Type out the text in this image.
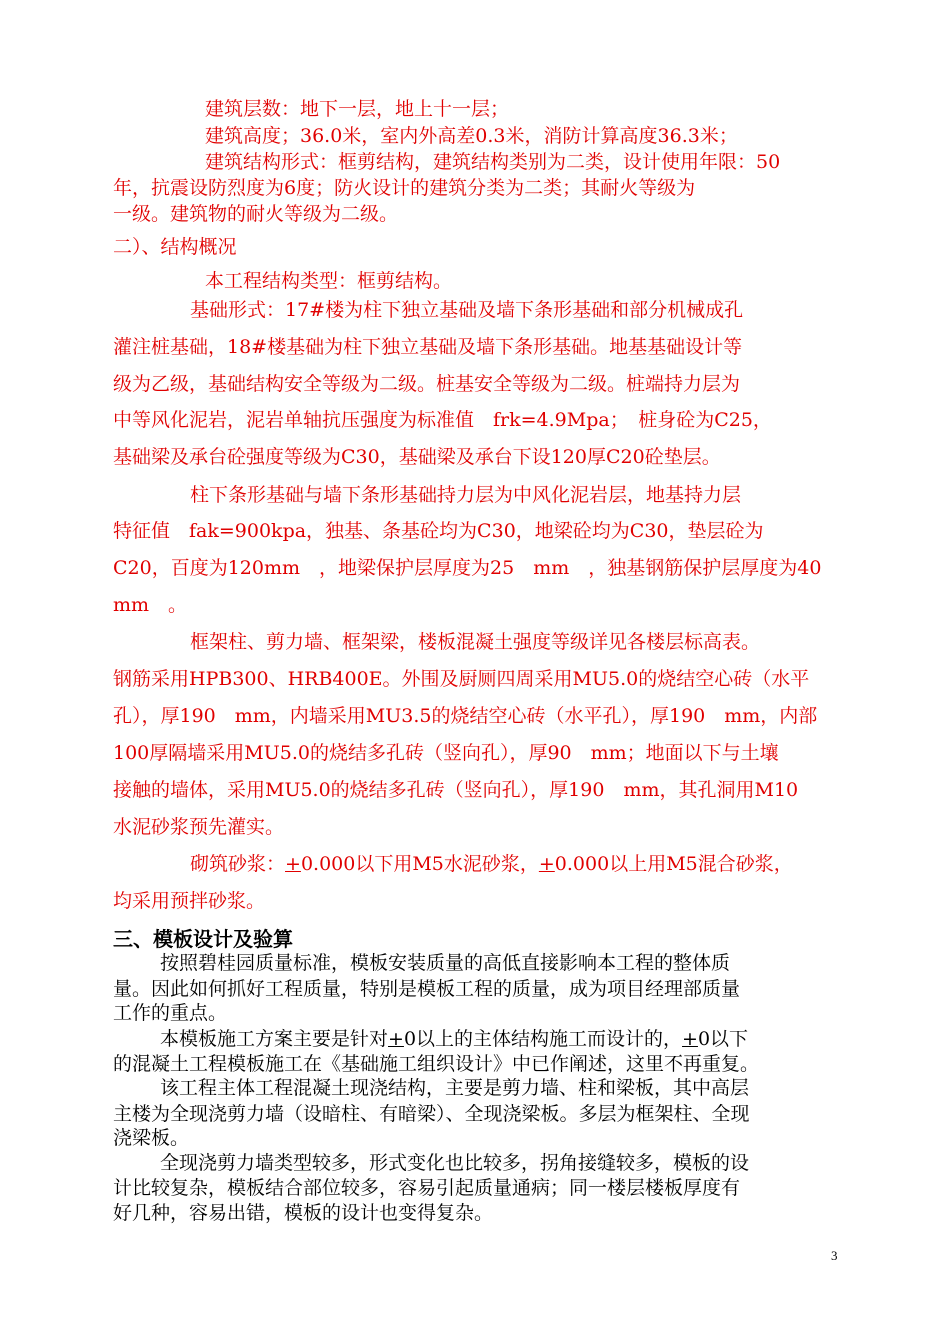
建筑层数：地下一层，地上十一层；
建筑高度；36.0米，室内外高差0.3米，消防计算高度36.3米；
建筑结构形式：框剪结构，建筑结构类别为二类，设计使用年限：50
年，抗震设防烈度为6度；防火设计的建筑分类为二类；其耐火等级为
一级。建筑物的耐火等级为二级。
二）、结构概况
本工程结构类型：框剪结构。
基础形式：17#楼为柱下独立基础及墙下条形基础和部分机械成孔
灌注桩基础，18#楼基础为柱下独立基础及墙下条形基础。地基基础设计等
级为乙级，基础结构安全等级为二级。桩基安全等级为二级。桩端持力层为
中等风化泥岩，泥岩单轴抗压强度为标准值　frk=4.9Mpa；　桩身砼为C25，
基础梁及承台砼强度等级为C30，基础梁及承台下设120厚C20砼垫层。
柱下条形基础与墙下条形基础持力层为中风化泥岩层，地基持力层
特征值　fak=900kpa，独基、条基砼均为C30，地梁砼均为C30，垫层砼为
C20，百度为120mm　，地梁保护层厚度为25　mm　，独基钢筋保护层厚度为40
mm　。
框架柱、剪力墙、框架梁，楼板混凝土强度等级详见各楼层标高表。
钢筋采用HPB300、HRB400E。外围及厨厕四周采用MU5.0的烧结空心砖（水平
孔），厚190　mm，内墙采用MU3.5的烧结空心砖（水平孔），厚190　mm，内部
100厚隔墙采用MU5.0的烧结多孔砖（竖向孔），厚90　mm；地面以下与土壤
接触的墙体，采用MU5.0的烧结多孔砖（竖向孔），厚190　mm，其孔洞用M10
水泥砂浆预先灌实。
砌筑砂浆：+0.000以下用M5水泥砂浆，+0.000以上用M5混合砂浆，
均采用预拌砂浆。
三、模板设计及验算
按照碧桂园质量标准，模板安装质量的高低直接影响本工程的整体质
量。因此如何抓好工程质量，特别是模板工程的质量，成为项目经理部质量
工作的重点。
本模板施工方案主要是针对+0以上的主体结构施工而设计的，+0以下
的混凝土工程模板施工在《基础施工组织设计》中已作阐述，这里不再重复。
该工程主体工程混凝土现浇结构，主要是剪力墙、柱和梁板，其中高层
主楼为全现浇剪力墙（设暗柱、有暗梁）、全现浇梁板。多层为框架柱、全现
浇梁板。
全现浇剪力墙类型较多，形式变化也比较多，拐角接缝较多，模板的设
计比较复杂，模板结合部位较多，容易引起质量通病；同一楼层楼板厚度有
好几种，容易出错，模板的设计也变得复杂。
3
